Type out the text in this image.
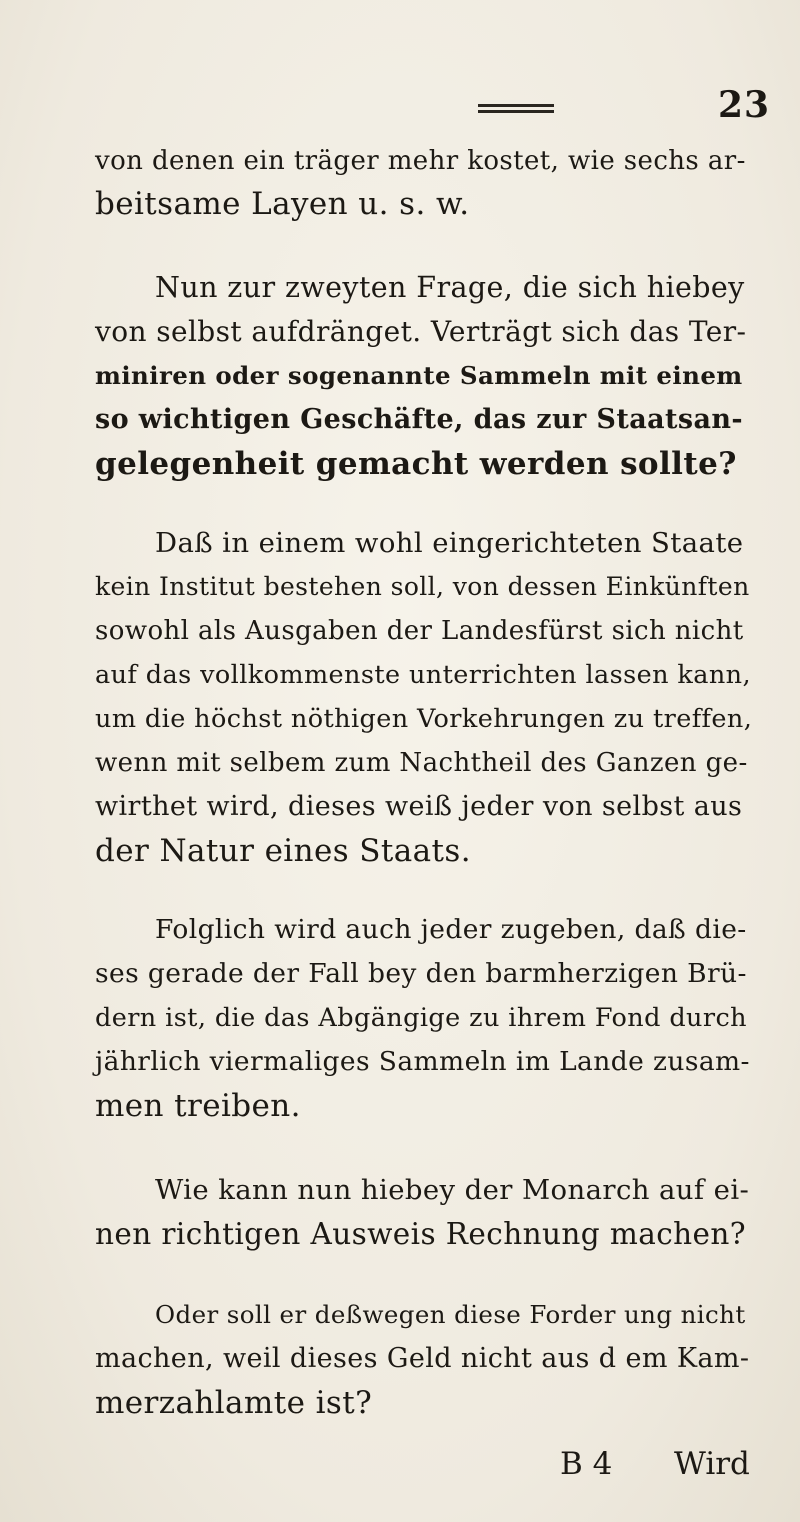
23
von denen ein träger mehr kostet, wie sechs ar-
beitsame Layen u. s. w.
Nun zur zweyten Frage, die sich hiebey
von selbst aufdränget. Verträgt sich das Ter-
miniren oder sogenannte Sammeln mit einem
so wichtigen Geschäfte, das zur Staatsan-
gelegenheit gemacht werden sollte?
Daß in einem wohl eingerichteten Staate
kein Institut bestehen soll, von dessen Einkünften
sowohl als Ausgaben der Landesfürst sich nicht
auf das vollkommenste unterrichten lassen kann,
um die höchst nöthigen Vorkehrungen zu treffen,
wenn mit selbem zum Nachtheil des Ganzen ge-
wirthet wird, dieses weiß jeder von selbst aus
der Natur eines Staats.
Folglich wird auch jeder zugeben, daß die-
ses gerade der Fall bey den barmherzigen Brü-
dern ist, die das Abgängige zu ihrem Fond durch
jährlich viermaliges Sammeln im Lande zusam-
men treiben.
Wie kann nun hiebey der Monarch auf ei-
nen richtigen Ausweis Rechnung machen?
Oder soll er deßwegen diese Forder ung nicht
machen, weil dieses Geld nicht aus d em Kam-
merzahlamte ist?
B 4 Wird
